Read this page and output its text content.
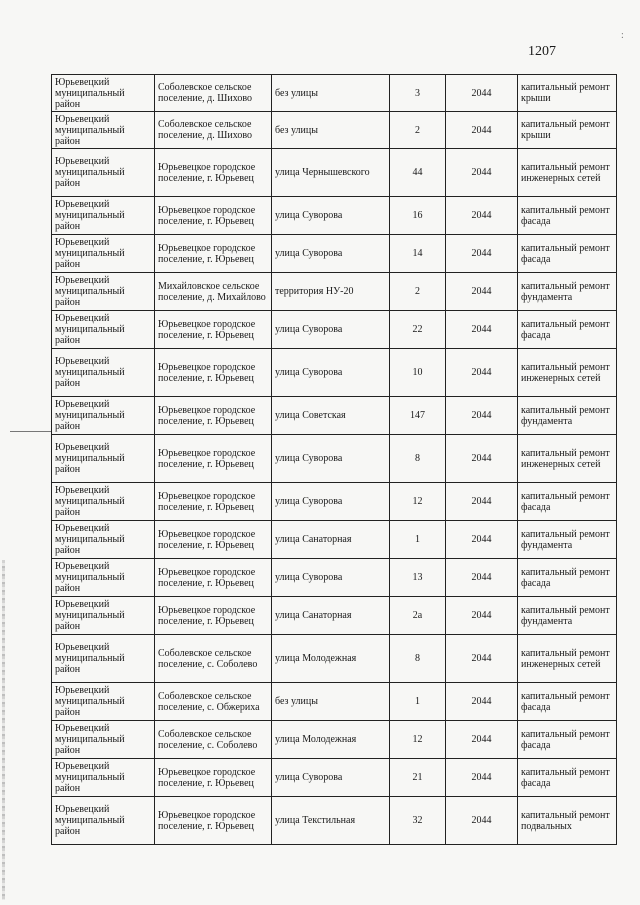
1207
:
Юрьевецкий муниципальный район	Соболевское сельское поселение, д. Шихово	без улицы	3	2044	капитальный ремонт крыши
Юрьевецкий муниципальный район	Соболевское сельское поселение, д. Шихово	без улицы	2	2044	капитальный ремонт крыши
Юрьевецкий муниципальный район	Юрьевецкое городское поселение, г. Юрьевец	улица Чернышевского	44	2044	капитальный ремонт инженерных сетей
Юрьевецкий муниципальный район	Юрьевецкое городское поселение, г. Юрьевец	улица Суворова	16	2044	капитальный ремонт фасада
Юрьевецкий муниципальный район	Юрьевецкое городское поселение, г. Юрьевец	улица Суворова	14	2044	капитальный ремонт фасада
Юрьевецкий муниципальный район	Михайловское сельское поселение, д. Михайлово	территория НУ-20	2	2044	капитальный ремонт фундамента
Юрьевецкий муниципальный район	Юрьевецкое городское поселение, г. Юрьевец	улица Суворова	22	2044	капитальный ремонт фасада
Юрьевецкий муниципальный район	Юрьевецкое городское поселение, г. Юрьевец	улица Суворова	10	2044	капитальный ремонт инженерных сетей
Юрьевецкий муниципальный район	Юрьевецкое городское поселение, г. Юрьевец	улица Советская	147	2044	капитальный ремонт фундамента
Юрьевецкий муниципальный район	Юрьевецкое городское поселение, г. Юрьевец	улица Суворова	8	2044	капитальный ремонт инженерных сетей
Юрьевецкий муниципальный район	Юрьевецкое городское поселение, г. Юрьевец	улица Суворова	12	2044	капитальный ремонт фасада
Юрьевецкий муниципальный район	Юрьевецкое городское поселение, г. Юрьевец	улица Санаторная	1	2044	капитальный ремонт фундамента
Юрьевецкий муниципальный район	Юрьевецкое городское поселение, г. Юрьевец	улица Суворова	13	2044	капитальный ремонт фасада
Юрьевецкий муниципальный район	Юрьевецкое городское поселение, г. Юрьевец	улица Санаторная	2а	2044	капитальный ремонт фундамента
Юрьевецкий муниципальный район	Соболевское сельское поселение, с. Соболево	улица Молодежная	8	2044	капитальный ремонт инженерных сетей
Юрьевецкий муниципальный район	Соболевское сельское поселение, с. Обжериха	без улицы	1	2044	капитальный ремонт фасада
Юрьевецкий муниципальный район	Соболевское сельское поселение, с. Соболево	улица Молодежная	12	2044	капитальный ремонт фасада
Юрьевецкий муниципальный район	Юрьевецкое городское поселение, г. Юрьевец	улица Суворова	21	2044	капитальный ремонт фасада
Юрьевецкий муниципальный район	Юрьевецкое городское поселение, г. Юрьевец	улица Текстильная	32	2044	капитальный ремонт подвальных
